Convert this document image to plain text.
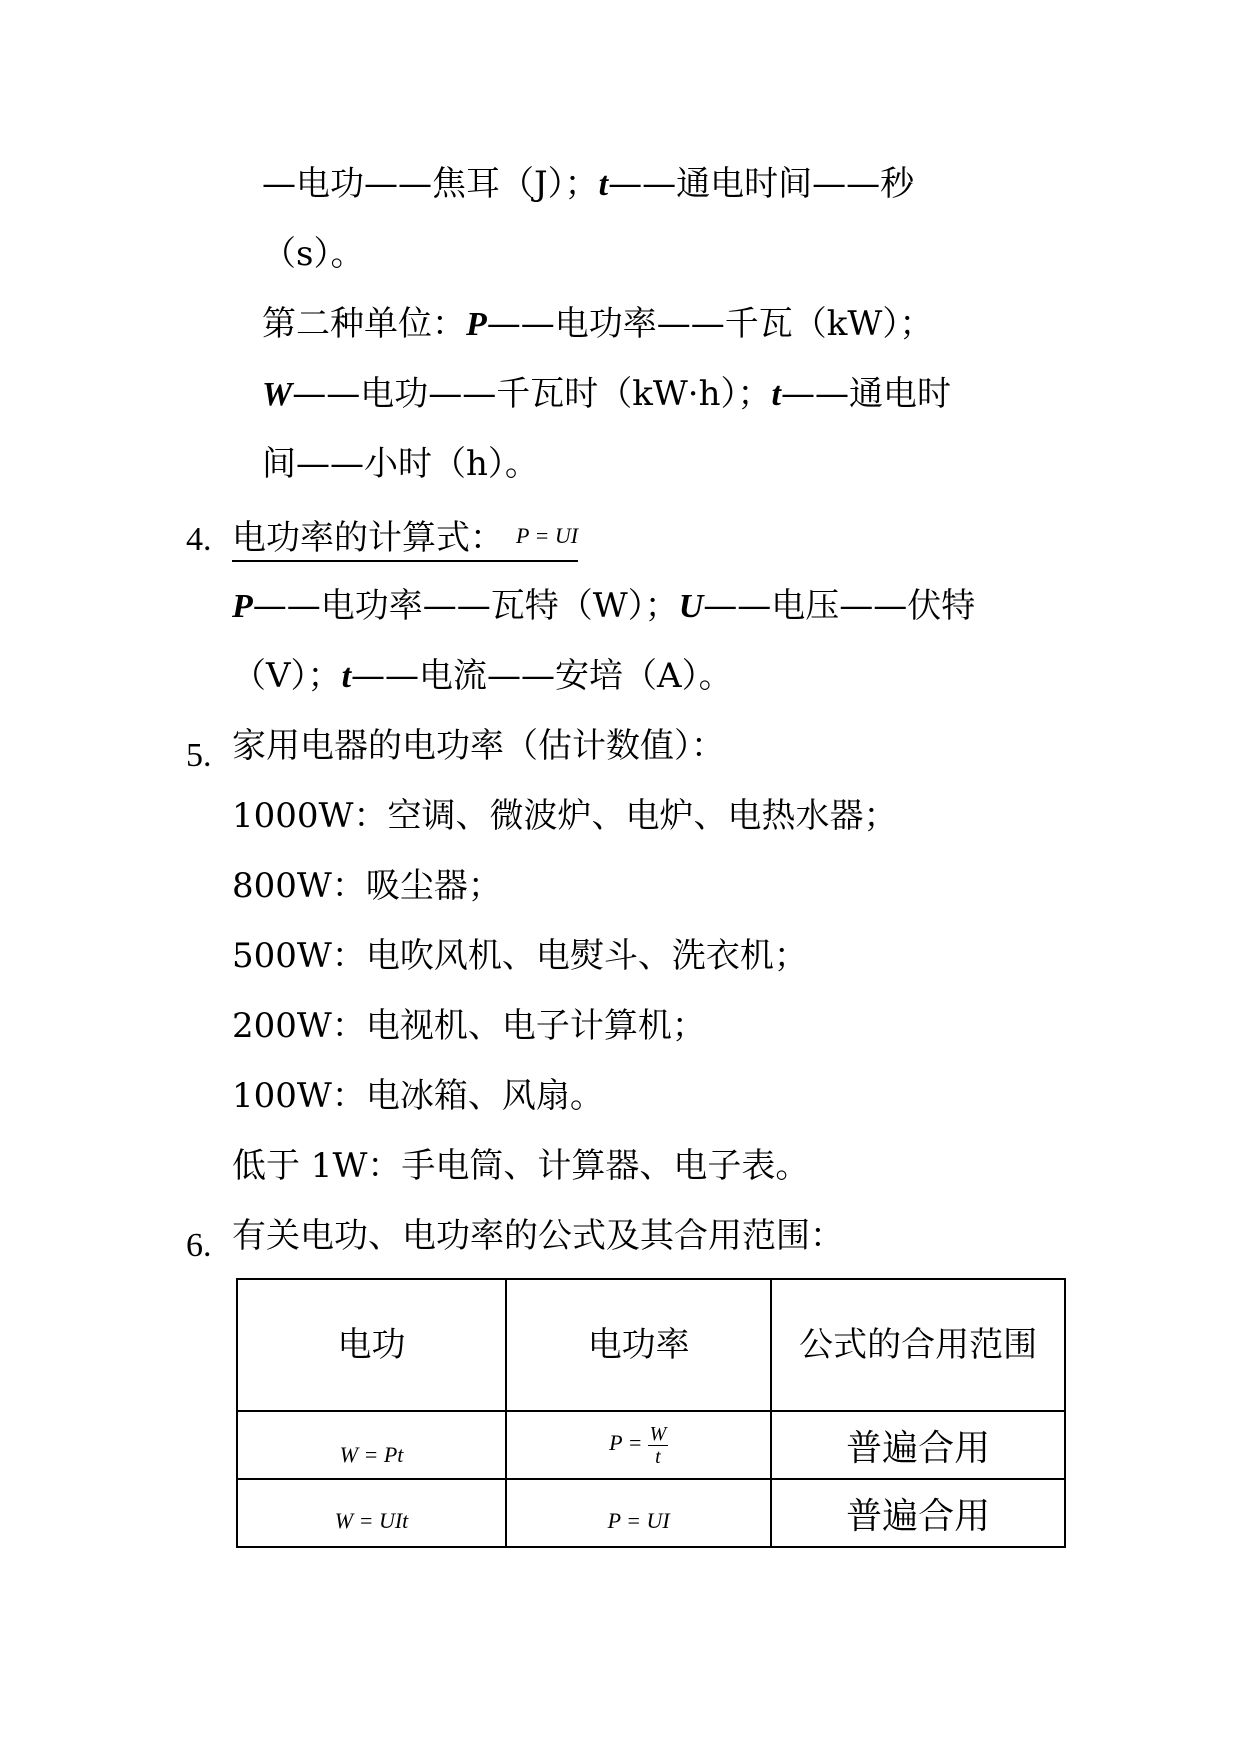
—电功——焦耳（J）；t——通电时间——秒
（s）。
第二种单位：P——电功率——千瓦（kW）；
W——电功——千瓦时（kW·h）；t——通电时
间——小时（h）。
4. 电功率的计算式： P = UI
P——电功率——瓦特（W）；U——电压——伏特
（V）；t——电流——安培（A）。
5. 家用电器的电功率（估计数值）：
1000W：空调、微波炉、电炉、电热水器；
800W：吸尘器；
500W：电吹风机、电熨斗、洗衣机；
200W：电视机、电子计算机；
100W：电冰箱、风扇。
低于 1W：手电筒、计算器、电子表。
6. 有关电功、电功率的公式及其合用范围：
电功	电功率	公式的合用范围
W = Pt	$P = \frac{W}{t}$	普遍合用
W = UIt	P = UI	普遍合用
